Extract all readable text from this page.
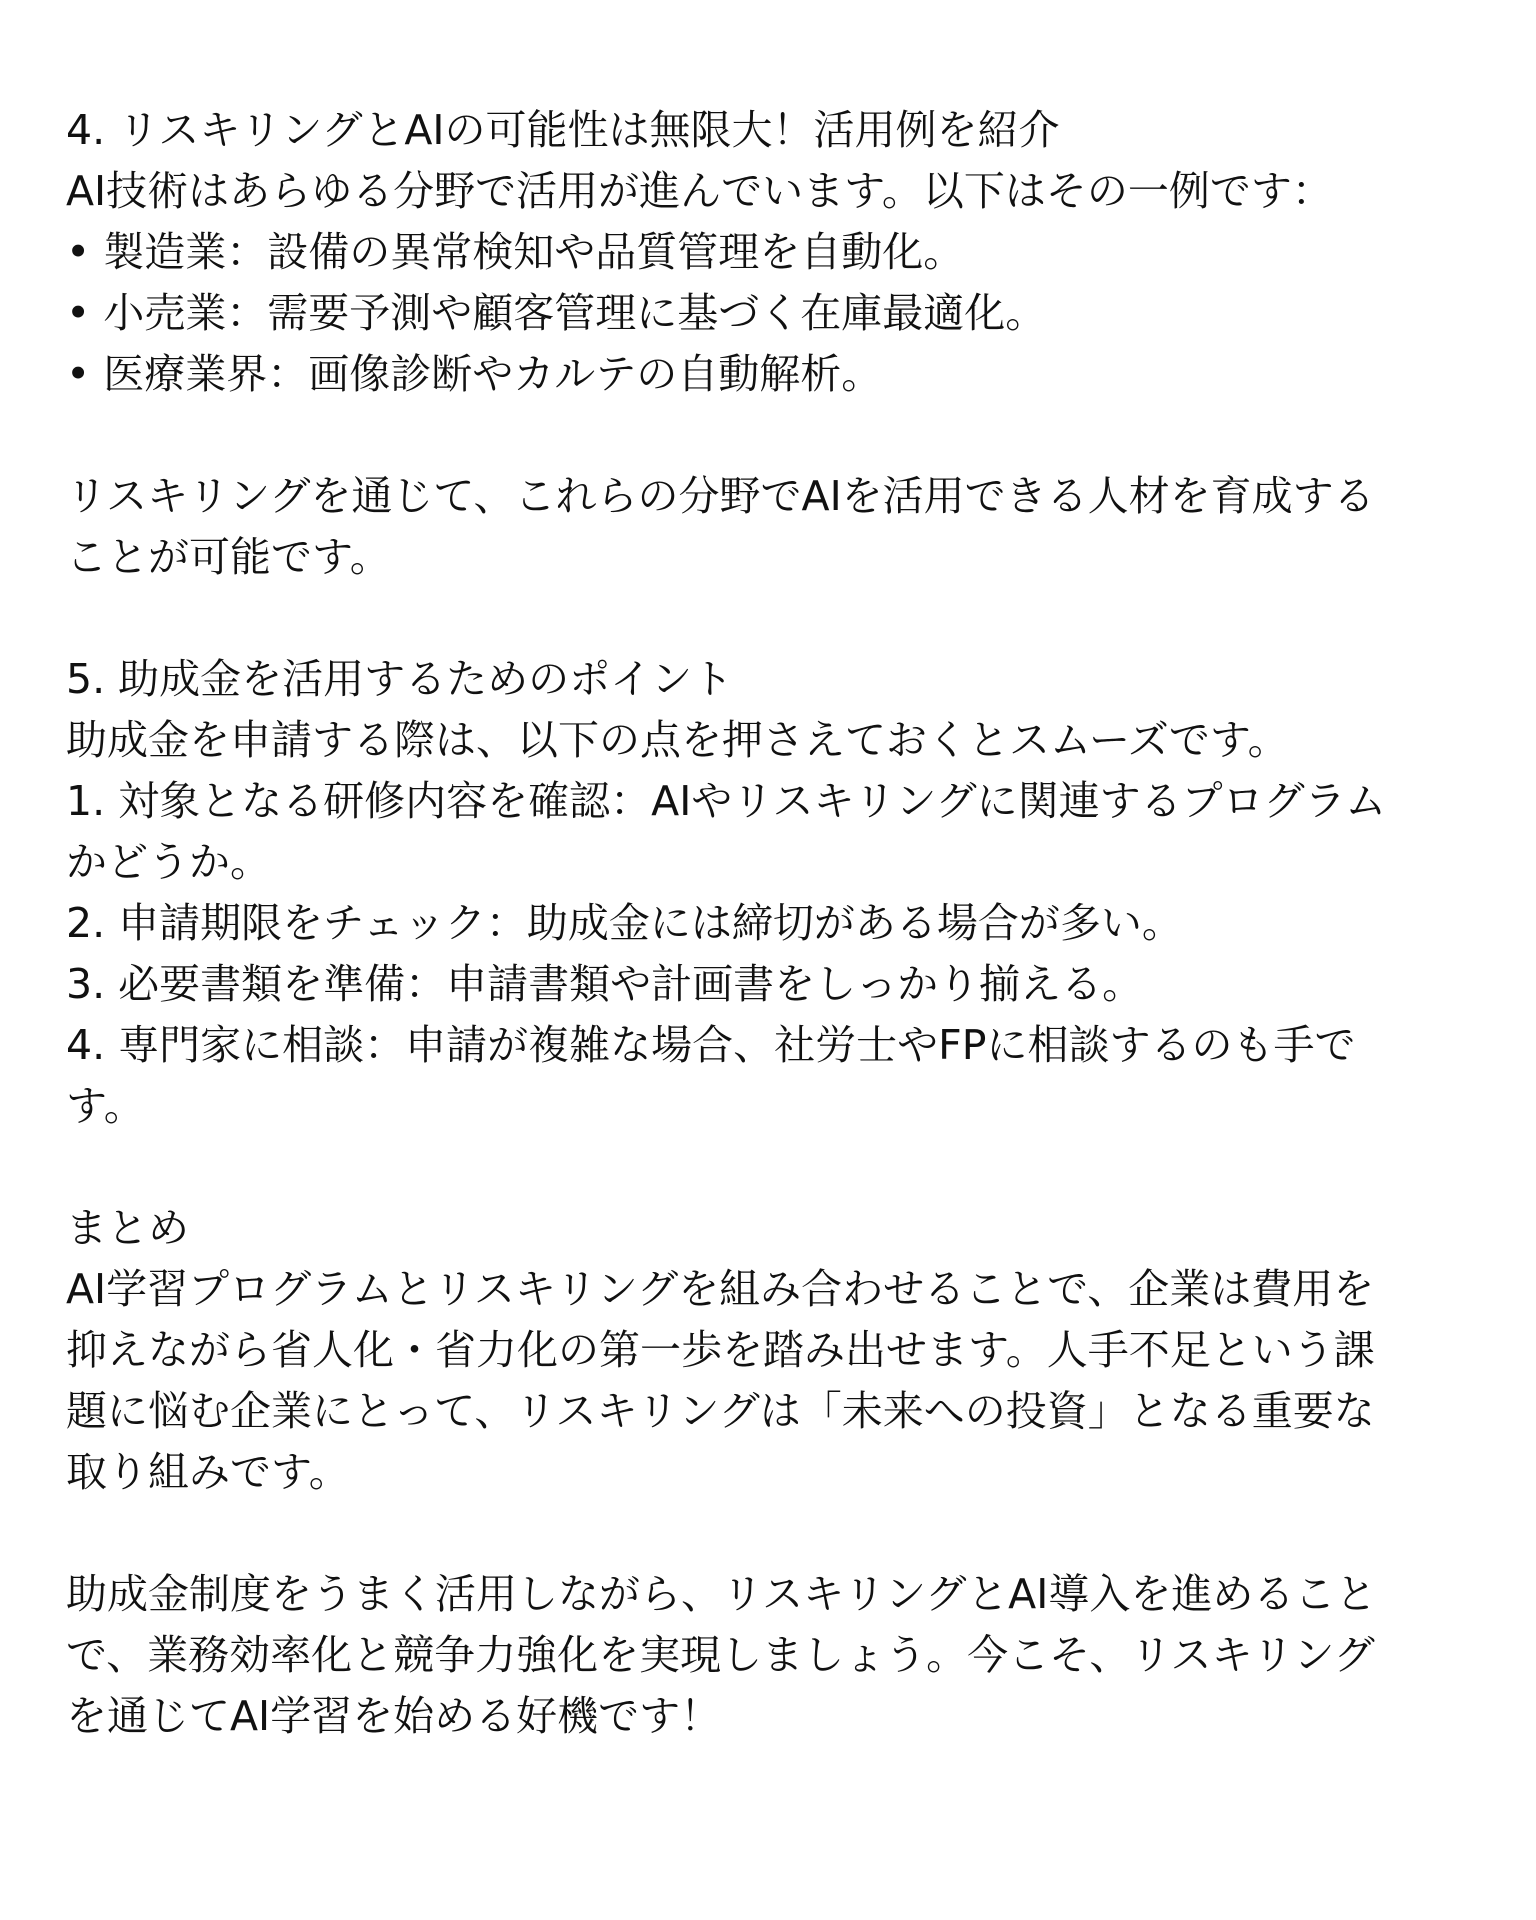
4. リスキリングとAIの可能性は無限大！活用例を紹介
AI技術はあらゆる分野で活用が進んでいます。以下はその一例です：
• 製造業：設備の異常検知や品質管理を自動化。
• 小売業：需要予測や顧客管理に基づく在庫最適化。
• 医療業界：画像診断やカルテの自動解析。
リスキリングを通じて、これらの分野でAIを活用できる人材を育成する
ことが可能です。
5. 助成金を活用するためのポイント
助成金を申請する際は、以下の点を押さえておくとスムーズです。
1. 対象となる研修内容を確認：AIやリスキリングに関連するプログラム
かどうか。
2. 申請期限をチェック：助成金には締切がある場合が多い。
3. 必要書類を準備：申請書類や計画書をしっかり揃える。
4. 専門家に相談：申請が複雑な場合、社労士やFPに相談するのも手で
す。
まとめ
AI学習プログラムとリスキリングを組み合わせることで、企業は費用を
抑えながら省人化・省力化の第一歩を踏み出せます。人手不足という課
題に悩む企業にとって、リスキリングは「未来への投資」となる重要な
取り組みです。
助成金制度をうまく活用しながら、リスキリングとAI導入を進めること
で、業務効率化と競争力強化を実現しましょう。今こそ、リスキリング
を通じてAI学習を始める好機です！
